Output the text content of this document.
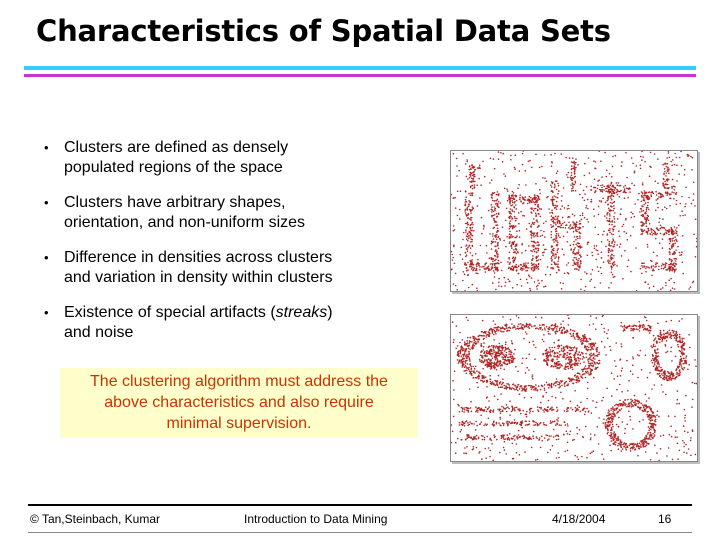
Characteristics of Spatial Data Sets
• Clusters are defined as densely
populated regions of the space
• Clusters have arbitrary shapes,
orientation, and non-uniform sizes
• Difference in densities across clusters
and variation in density within clusters
• Existence of special artifacts (streaks)
and noise
The clustering algorithm must address the
above characteristics and also require
minimal supervision.
© Tan,Steinbach, Kumar	Introduction to Data Mining	4/18/2004	16
